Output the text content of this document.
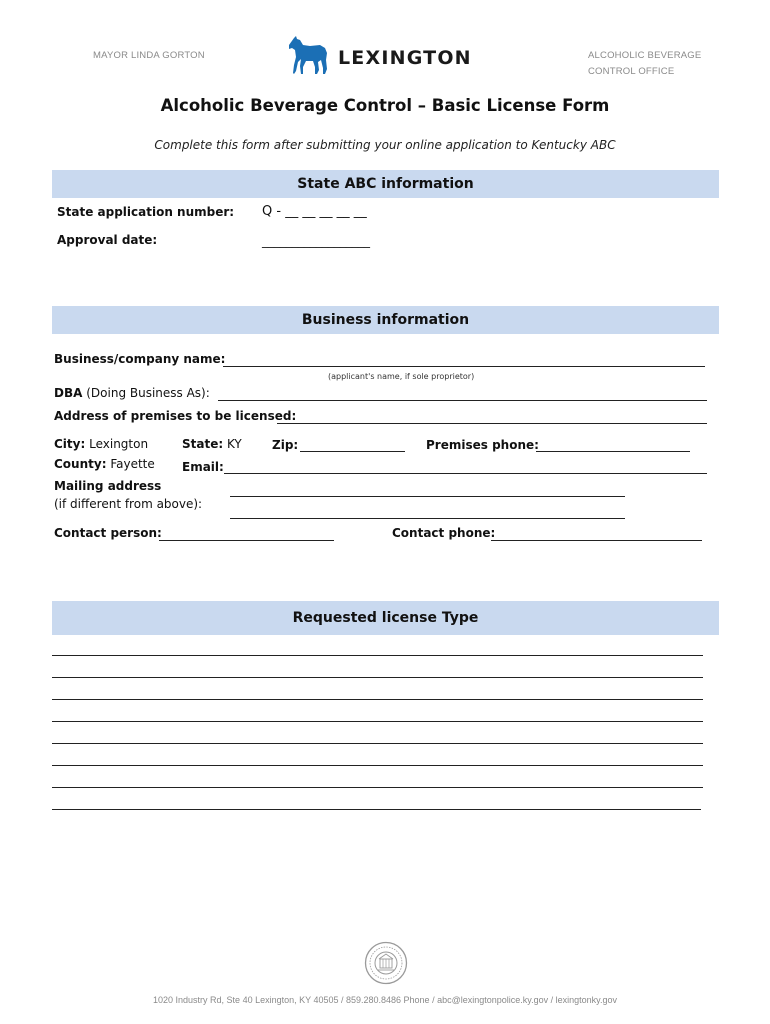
MAYOR LINDA GORTON	LEXINGTON	ALCOHOLIC BEVERAGE
CONTROL OFFICE
Alcoholic Beverage Control – Basic License Form
Complete this form after submitting your online application to Kentucky ABC
State ABC information
State application number: Q - __ __ __ __ __
Approval date:	__________________
Business information
Business/company name:
(applicant's name, if sole proprietor)
DBA (Doing Business As):
Address of premises to be licensed:
City: Lexington	State: KY	Zip:	Premises phone:
County: Fayette Email:
Mailing address
(if different from above):
Contact person:	Contact phone:
Requested license Type
1020 Industry Rd, Ste 40 Lexington, KY 40505 / 859.280.8486 Phone / abc@lexingtonpolice.ky.gov / lexingtonky.gov
